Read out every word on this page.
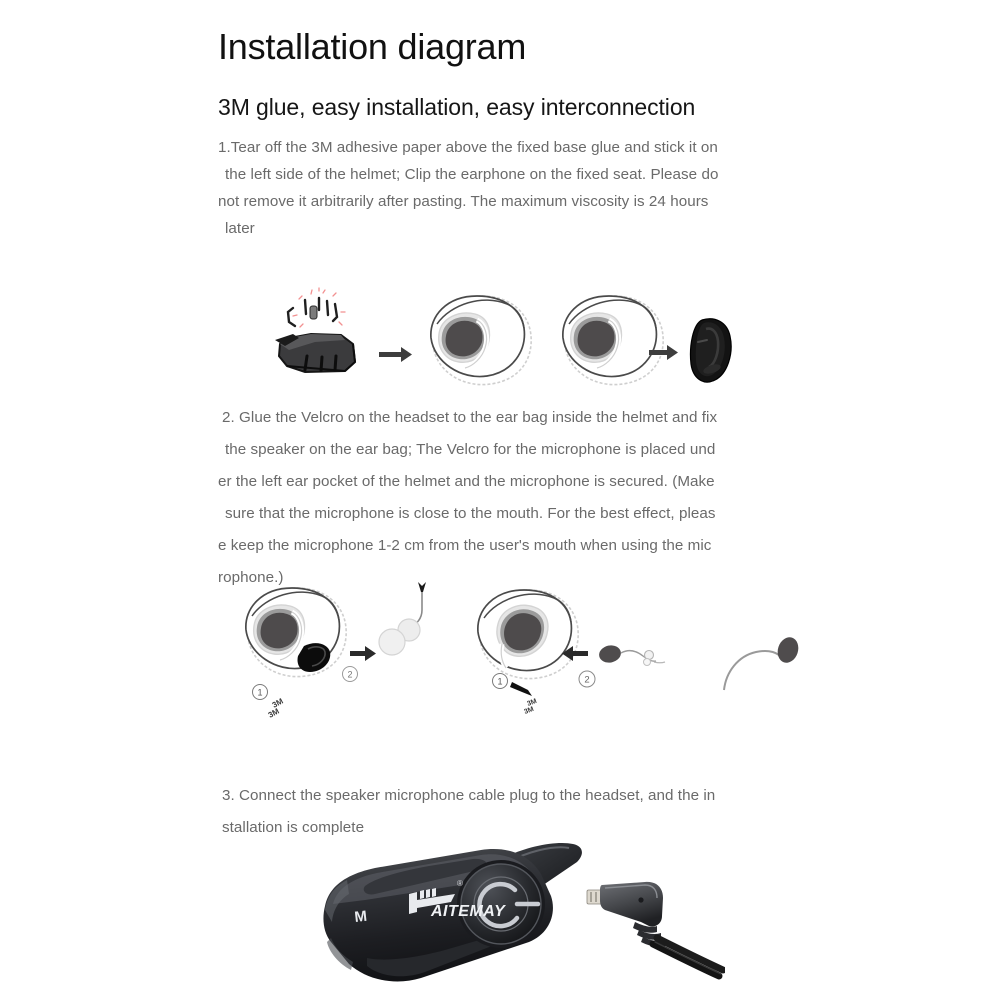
Installation diagram
3M glue, easy installation, easy interconnection

1.Tear off the 3M adhesive paper above the fixed base glue and stick it on
the left side of the helmet; Clip the earphone on the fixed seat. Please do
not remove it arbitrarily after pasting. The maximum viscosity is 24 hours
later

2. Glue the Velcro on the headset to the ear bag inside the helmet and fix
the speaker on the ear bag; The Velcro for the microphone is placed und
er the left ear pocket of the helmet and the microphone is secured. (Make
sure that the microphone is close to the mouth. For the best effect, pleas
e keep the microphone 1-2 cm from the user's mouth when using the mic
rophone.)

1
3M
3M
2
1
3M
3M
2

3. Connect the speaker microphone cable plug to the headset, and the in
stallation is complete

AITEMAY
®
M
